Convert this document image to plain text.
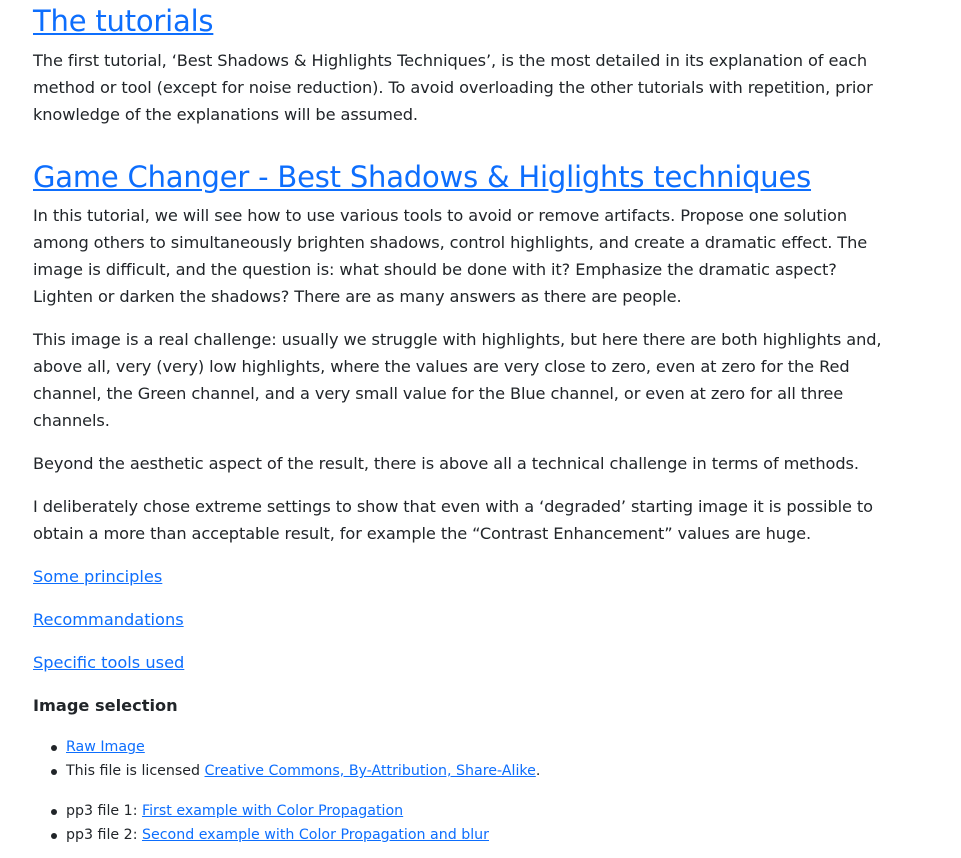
The tutorials

The first tutorial, ‘Best Shadows & Highlights Techniques’, is the most detailed in its explanation of each method or tool (except for noise reduction). To avoid overloading the other tutorials with repetition, prior knowledge of the explanations will be assumed.

Game Changer - Best Shadows & Higlights techniques

In this tutorial, we will see how to use various tools to avoid or remove artifacts. Propose one solution among others to simultaneously brighten shadows, control highlights, and create a dramatic effect. The image is difficult, and the question is: what should be done with it? Emphasize the dramatic aspect? Lighten or darken the shadows? There are as many answers as there are people.

This image is a real challenge: usually we struggle with highlights, but here there are both highlights and, above all, very (very) low highlights, where the values are very close to zero, even at zero for the Red channel, the Green channel, and a very small value for the Blue channel, or even at zero for all three channels.

Beyond the aesthetic aspect of the result, there is above all a technical challenge in terms of methods.

I deliberately chose extreme settings to show that even with a ‘degraded’ starting image it is possible to obtain a more than acceptable result, for example the “Contrast Enhancement” values are huge.

Some principles

Recommandations

Specific tools used

Image selection

Raw Image
This file is licensed Creative Commons, By-Attribution, Share-Alike.
pp3 file 1: First example with Color Propagation
pp3 file 2: Second example with Color Propagation and blur
